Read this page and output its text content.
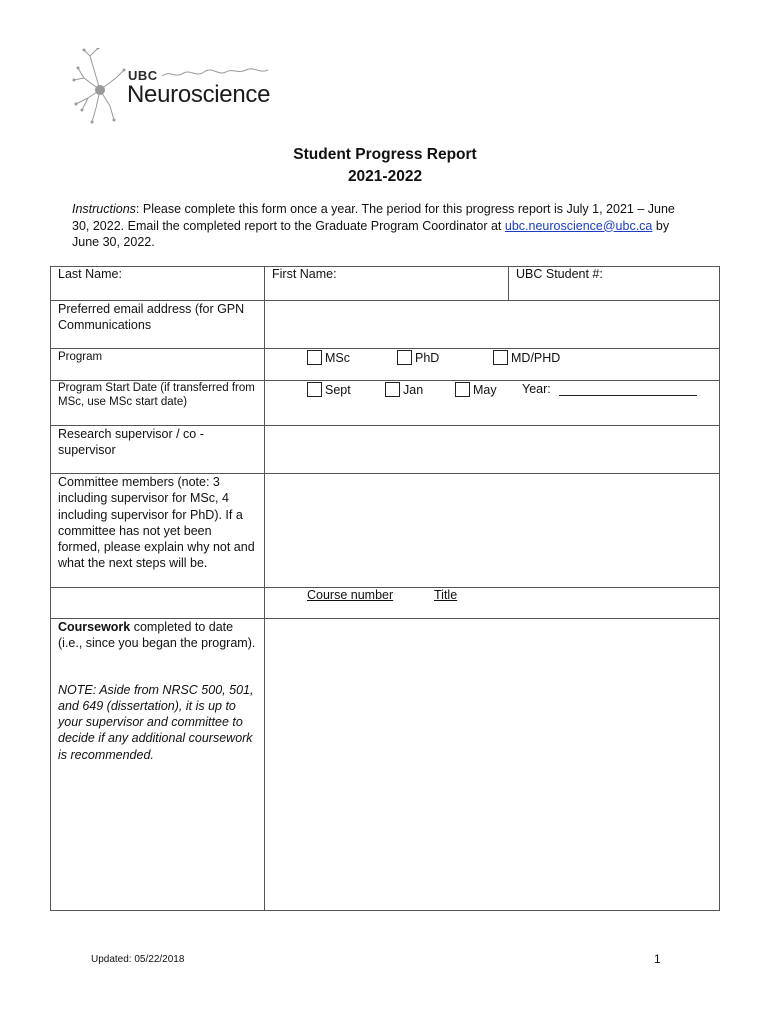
UBC
Neuroscience
Student Progress Report
2021-2022
Instructions: Please complete this form once a year. The period for this progress report is July 1, 2021 – June 30, 2022. Email the completed report to the Graduate Program Coordinator at ubc.neuroscience@ubc.ca by June 30, 2022.
Last Name:	First Name:	UBC Student #:
Preferred email address (for GPN Communications		
Program	MSc PhD MD/PHD	

Program Start Date (if transferred from MSc, use MSc start date)	Sept Jan May Year:	

Research supervisor / co - supervisor		
Committee members (note: 3 including supervisor for MSc, 4 including supervisor for PhD). If a committee has not yet been formed, please explain why not and what the next steps will be.		

	Course number Title	

Coursework completed to date (i.e., since you began the program).
NOTE: Aside from NRSC 500, 501, and 649 (dissertation), it is up to your supervisor and committee to decide if any additional coursework is recommended.		

Updated: 05/22/2018	1
